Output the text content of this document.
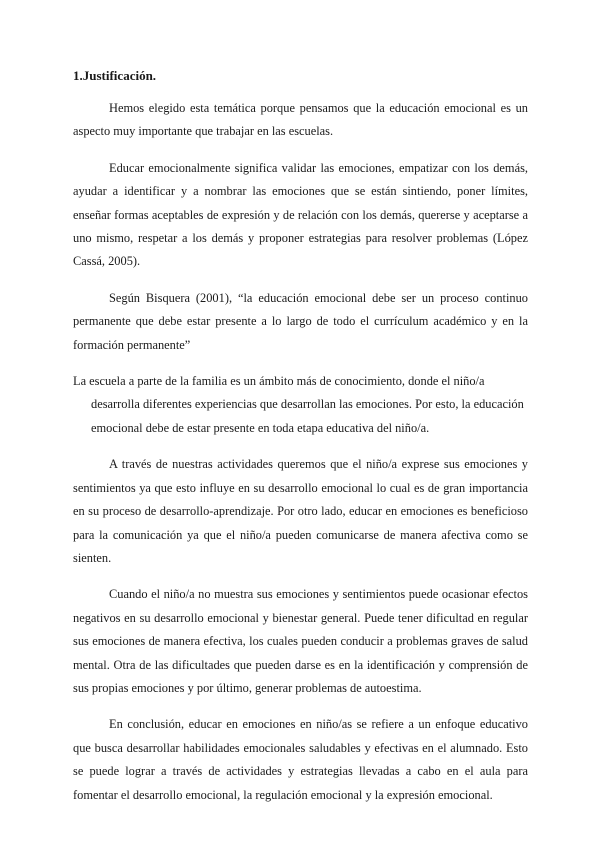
1.Justificación.

Hemos elegido esta temática porque pensamos que la educación emocional es un aspecto muy importante que trabajar en las escuelas.

Educar emocionalmente significa validar las emociones, empatizar con los demás, ayudar a identificar y a nombrar las emociones que se están sintiendo, poner límites, enseñar formas aceptables de expresión y de relación con los demás, quererse y aceptarse a uno mismo, respetar a los demás y proponer estrategias para resolver problemas (López Cassá, 2005).

Según Bisquera (2001), “la educación emocional debe ser un proceso continuo permanente que debe estar presente a lo largo de todo el currículum académico y en la formación permanente”

La escuela a parte de la familia es un ámbito más de conocimiento, donde el niño/a desarrolla diferentes experiencias que desarrollan las emociones. Por esto, la educación emocional debe de estar presente en toda etapa educativa del niño/a.

A través de nuestras actividades queremos que el niño/a exprese sus emociones y sentimientos ya que esto influye en su desarrollo emocional lo cual es de gran importancia en su proceso de desarrollo-aprendizaje. Por otro lado, educar en emociones es beneficioso para la comunicación ya que el niño/a pueden comunicarse de manera afectiva como se sienten.

Cuando el niño/a no muestra sus emociones y sentimientos puede ocasionar efectos negativos en su desarrollo emocional y bienestar general. Puede tener dificultad en regular sus emociones de manera efectiva, los cuales pueden conducir a problemas graves de salud mental. Otra de las dificultades que pueden darse es en la identificación y comprensión de sus propias emociones y por último, generar problemas de autoestima.

En conclusión, educar en emociones en niño/as se refiere a un enfoque educativo que busca desarrollar habilidades emocionales saludables y efectivas en el alumnado. Esto se puede lograr a través de actividades y estrategias llevadas a cabo en el aula para fomentar el desarrollo emocional, la regulación emocional y la expresión emocional.
